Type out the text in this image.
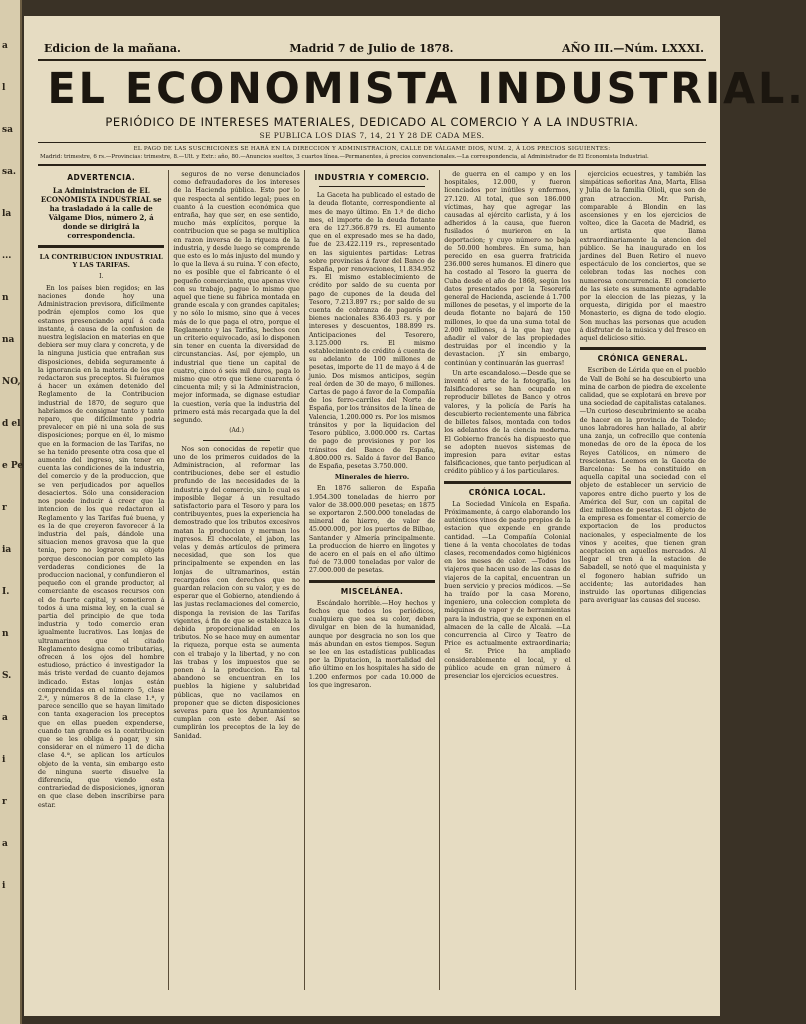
a
l
sa
sa.
la
...
n
na
NO,
d el
e Pe
r
ia
I.
n
S.
a
i
r
a
i
Edicion de la mañana.	Madrid 7 de Julio de 1878.	AÑO III.—Núm. LXXXI.
EL ECONOMISTA INDUSTRIAL.
PERIÓDICO DE INTERESES MATERIALES, DEDICADO AL COMERCIO Y A LA INDUSTRIA.
SE PUBLICA LOS DIAS 7, 14, 21 Y 28 DE CADA MES.
EL PAGO DE LAS SUSCRICIONES SE HARÁ EN LA DIRECCION Y ADMINISTRACION, CALLE DE VÁLGAME DIOS, NUM. 2, Á LOS PRECIOS SIGUIENTES:
Madrid: trimestre, 6 rs.—Provincias: trimestre, 8.—Ult. y Extr.: año, 80.—Anuncios sueltos, 3 cuartos línea.—Permanentes, á precios convencionales.—La correspondencia, al Administrador de El Economista Industrial.
ADVERTENCIA.
La Administracion de EL ECONOMISTA INDUSTRIAL se ha trasladado á la calle de Válgame Dios, número 2, á donde se dirigirá la correspondencia.
LA CONTRIBUCION INDUSTRIAL Y LAS TARIFAS.
I.

En los países bien regidos; en las naciones donde hoy una Administracion previsora, difícilmente podrán ejemplos como los que estamos presenciando aquí á cada instante, á causa de la confusion de nuestra legislacion en materias en que debiera ser muy clara y concreta, y de la ninguna justicia que entrañan sus disposiciones, debida seguramente á la ignorancia en la materia de los que redactaron sus preceptos. Si fuéramos á hacer un exámen detenido del Reglamento de la Contribucion industrial de 1870, de seguro que habríamos de consignar tanto y tanto reparo, que difícilmente podria prevalecer en pié ni una sola de sus disposiciones; porque en él, lo mismo que en la formacion de las Tarifas, no se ha tenido presente otra cosa que el aumento del ingreso, sin tener en cuenta las condiciones de la industria, del comercio y de la produccion, que se ven perjudicados por aquellos desaciertos. Sólo una consideracion nos puede inducir á creer que la intencion de los que redactaron el Reglamento y las Tarifas fué buena, y es la de que creyeron favorecer á la industria del país, dándole una situacion menos gravosa que la que tenia, pero no lograron su objeto porque desconocian por completo las verdaderas condiciones de la produccion nacional, y confundieron el pequeño con el grande productor, al comerciante de escasos recursos con el de fuerte capital, y sometieron á todos á una misma ley, en la cual se partia del principio de que toda industria y todo comercio eran igualmente lucrativos. Las lonjas de ultramarinos que el citado Reglamento designa como tributarias, ofrecen á los ojos del hombre estudioso, práctico é investigador la más triste verdad de cuanto dejamos indicado. Estas lonjas están comprendidas en el número 5, clase 2.ª, y números 8 de la clase 1.ª, y parece sencillo que se hayan limitado con tanta exageracion los preceptos que en ellas pueden expenderse, cuando tan grande es la contribucion que se les obliga á pagar, y sin considerar en el número 11 de dicha clase 4.ª, se aplican los artículos objeto de la venta, sin embargo esto de ninguna suerte disuelve la diferencia, que viendo esta contrariedad de disposiciones, ignoran en que clase deben inscribirse para estar.

seguros de no verse denunciados como defraudadores de los intereses de la Hacienda pública. Esto por lo que respecta al sentido legal; pues en cuanto á la cuestion económica que entraña, hay que ser, en ese sentido, mucho más explícitos, porque la contribucion que se paga se multiplica en razon inversa de la riqueza de la industria, y desde luego se comprende que esto es lo más injusto del mundo y lo que la lleva á su ruina. Y con efecto, no es posible que el fabricante ó el pequeño comerciante, que apenas vive con su trabajo, pague lo mismo que aquel que tiene su fábrica montada en grande escala y con grandes capitales; y no sólo lo mismo, sino que á veces más de lo que paga el otro, porque el Reglamento y las Tarifas, hechos con un criterio equivocado, así lo disponen sin tener en cuenta la diversidad de circunstancias. Así, por ejemplo, un industrial que tiene un capital de cuatro, cinco ó seis mil duros, paga lo mismo que otro que tiene cuarenta ó cincuenta mil; y si la Administracion, mejor informada, se dignase estudiar la cuestion, vería que la industria del primero está más recargada que la del segundo.

(Ad.)

Nos son conocidas de repetir que uno de los primeros cuidados de la Administracion, al reformar las contribuciones, debe ser el estudio profundo de las necesidades de la industria y del comercio, sin lo cual es imposible llegar á un resultado satisfactorio para el Tesoro y para los contribuyentes, pues la experiencia ha demostrado que los tributos excesivos matan la produccion y merman los ingresos. El chocolate, el jabon, las velas y demás artículos de primera necesidad, que son los que principalmente se expenden en las lonjas de ultramarinos, están recargados con derechos que no guardan relacion con su valor, y es de esperar que el Gobierno, atendiendo á las justas reclamaciones del comercio, disponga la revision de las Tarifas vigentes, á fin de que se establezca la debida proporcionalidad en los tributos. No se hace muy en aumentar la riqueza, porque esta se aumenta con el trabajo y la libertad, y no con las trabas y los impuestos que se ponen á la produccion. En tal abandono se encuentran en los pueblos la higiene y salubridad públicas, que no vacilamos en proponer que se dicten disposiciones severas para que los Ayuntamientos cumplan con este deber. Así se cumplirán los preceptos de la ley de Sanidad.

INDUSTRIA Y COMERCIO.

La Gaceta ha publicado el estado de la deuda flotante, correspondiente al mes de mayo último. En 1.º de dicho mes, el importe de la deuda flotante era de 127.366.879 rs. El aumento que en el expresado mes se ha dado, fue de 23.422.119 rs., representado en las siguientes partidas: Letras sobre provincias á favor del Banco de España, por renovaciones, 11.834.952 rs. El mismo establecimiento de crédito por saldo de su cuenta por pago de cupones de la deuda del Tesoro, 7.213.897 rs.; por saldo de su cuenta de cobranza de pagarés de bienes nacionales 836.403 rs. y por intereses y descuentos, 188.899 rs. Anticipaciones del Tesorero, 3.125.000 rs. El mismo establecimiento de crédito á cuenta de su adelanto de 100 millones de pesetas, importe de 11 de mayo á 4 de junio. Dos mismos anticipos, según real órden de 30 de mayo, 6 millones. Cartas de pago á favor de la Compañía de los ferro-carriles del Norte de España, por los tránsitos de la línea de Valencia, 1.200.000 rs. Por los mismos tránsitos y por la liquidacion del Tesoro público, 3.000.000 rs. Cartas de pago de provisiones y por los tránsitos del Banco de España, 4.800.000 rs. Saldo á favor del Banco de España, pesetas 3.750.000.

Minerales de hierro.

En 1876 salieron de España 1.954.300 toneladas de hierro por valor de 38.000.000 pesetas; en 1875 se exportaron 2.500.000 toneladas de mineral de hierro, de valor de 45.000.000, por los puertos de Bilbao, Santander y Almería principalmente. La produccion de hierro en lingotes y de acero en el país en el año último fué de 73.000 toneladas por valor de 27.000.000 de pesetas.

MISCELÁNEA.

Escándalo horrible.—Hoy hechos y fechos que todos los periódicos, cualquiera que sea su color, deben divulgar en bien de la humanidad, aunque por desgracia no son los que más abundan en estos tiempos. Segun se lee en las estadísticas publicadas por la Diputacion, la mortalidad del año último en los hospitales ha sido de 1.200 enfermos por cada 10.000 de los que ingresaron.

de guerra en el campo y en los hospitales, 12.000, y fueron licenciados por inútiles y enfermos, 27.120. Al total, que son 186.000 víctimas, hay que agregar las causadas al ejército carlista, y á los adheridos á la causa, que fueron fusilados ó murieron en la deportacion; y cuyo número no baja de 50.000 hombres. En suma, han perecido en esa guerra fratricida 236.000 seres humanos. El dinero que ha costado al Tesoro la guerra de Cuba desde el año de 1868, según los datos presentados por la Tesorería general de Hacienda, asciende á 1.700 millones de pesetas, y el importe de la deuda flotante no bajará de 150 millones, lo que da una suma total de 2.000 millones, á la que hay que añadir el valor de las propiedades destruidas por el incendio y la devastacion. ¡Y sin embargo, continúan y continuarán las guerras!

Un arte escandaloso.—Desde que se inventó el arte de la fotografía, los falsificadores se han ocupado en reproducir billetes de Banco y otros valores, y la policía de París ha descubierto recientemente una fábrica de billetes falsos, montada con todos los adelantos de la ciencia moderna. El Gobierno francés ha dispuesto que se adopten nuevos sistemas de impresion para evitar estas falsificaciones, que tanto perjudican al crédito público y á los particulares.

CRÓNICA LOCAL.

La Sociedad Vinícola en España. Próximamente, á cargo elaborando los auténticos vinos de pasto propios de la estacion que expende en grande cantidad. —La Compañía Colonial tiene á la venta chocolates de todas clases, recomendados como higiénicos en los meses de calor. —Todos los viajeros que hacen uso de las casas de viajeros de la capital, encuentran un buen servicio y precios módicos. —Se ha traído por la casa Moreno, ingeniero, una coleccion completa de máquinas de vapor y de herramientas para la industria, que se exponen en el almacen de la calle de Alcalá. —La concurrencia al Circo y Teatro de Price es actualmente extraordinaria; el Sr. Price ha ampliado considerablemente el local, y el público acude en gran número á presenciar los ejercicios ecuestres.

ejercicios ecuestres, y también las simpáticas señoritas Ana, Marta, Elisa y Julia de la familia Olioli, que son de gran atraccion. Mr. Parish, comparable á Blondin en las ascensiones y en los ejercicios de volteo, dice la Gaceta de Madrid, es un artista que llama extraordinariamente la atencion del público. Se ha inaugurado en los jardines del Buen Retiro el nuevo espectáculo de los conciertos, que se celebran todas las noches con numerosa concurrencia. El concierto de las siete es sumamente agradable por la eleccion de las piezas, y la orquesta, dirigida por el maestro Monasterio, es digna de todo elogio. Son muchas las personas que acuden á disfrutar de la música y del fresco en aquel delicioso sitio.

CRÓNICA GENERAL.

Escriben de Lérida que en el pueblo de Vall de Bohí se ha descubierto una mina de carbon de piedra de excelente calidad, que se explotará en breve por una sociedad de capitalistas catalanes. —Un curioso descubrimiento se acaba de hacer en la provincia de Toledo; unos labradores han hallado, al abrir una zanja, un cofrecillo que contenía monedas de oro de la época de los Reyes Católicos, en número de trescientas. Leemos en la Gaceta de Barcelona: Se ha constituido en aquella capital una sociedad con el objeto de establecer un servicio de vapores entre dicho puerto y los de América del Sur, con un capital de diez millones de pesetas. El objeto de la empresa es fomentar el comercio de exportacion de los productos nacionales, y especialmente de los vinos y aceites, que tienen gran aceptacion en aquellos mercados. Al llegar el tren á la estacion de Sabadell, se notó que el maquinista y el fogonero habian sufrido un accidente; las autoridades han instruido las oportunas diligencias para averiguar las causas del suceso.
